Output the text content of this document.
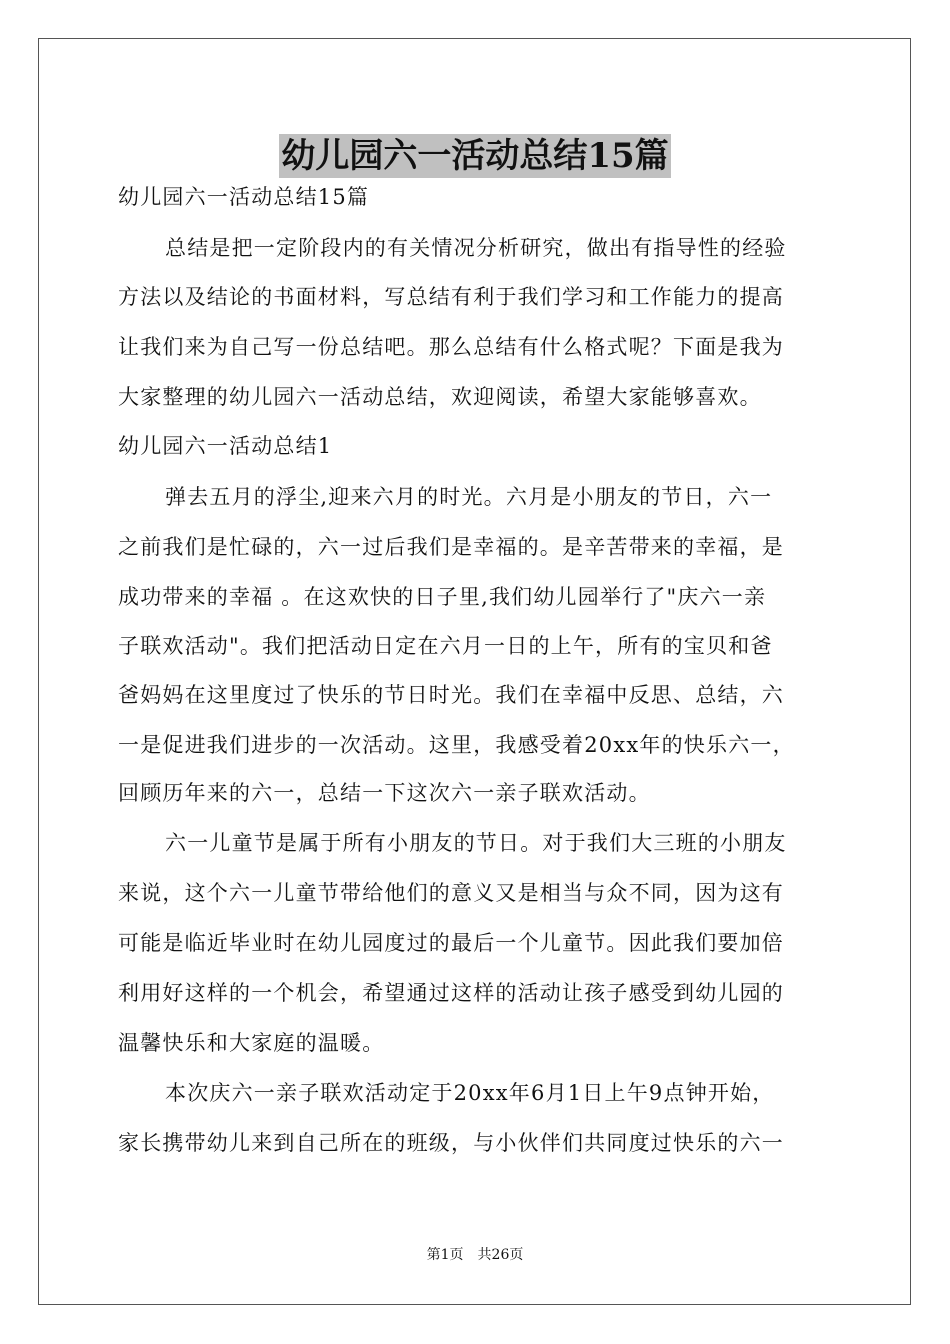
幼儿园六一活动总结15篇
幼儿园六一活动总结15篇
总结是把一定阶段内的有关情况分析研究，做出有指导性的经验
方法以及结论的书面材料，写总结有利于我们学习和工作能力的提高
让我们来为自己写一份总结吧。那么总结有什么格式呢？下面是我为
大家整理的幼儿园六一活动总结，欢迎阅读，希望大家能够喜欢。
幼儿园六一活动总结1
弹去五月的浮尘,迎来六月的时光。六月是小朋友的节日，六一
之前我们是忙碌的，六一过后我们是幸福的。是辛苦带来的幸福，是
成功带来的幸福 。在这欢快的日子里,我们幼儿园举行了"庆六一亲
子联欢活动"。我们把活动日定在六月一日的上午，所有的宝贝和爸
爸妈妈在这里度过了快乐的节日时光。我们在幸福中反思、总结，六
一是促进我们进步的一次活动。这里，我感受着20xx年的快乐六一，
回顾历年来的六一，总结一下这次六一亲子联欢活动。
六一儿童节是属于所有小朋友的节日。对于我们大三班的小朋友
来说，这个六一儿童节带给他们的意义又是相当与众不同，因为这有
可能是临近毕业时在幼儿园度过的最后一个儿童节。因此我们要加倍
利用好这样的一个机会，希望通过这样的活动让孩子感受到幼儿园的
温馨快乐和大家庭的温暖。
本次庆六一亲子联欢活动定于20xx年6月1日上午9点钟开始，
家长携带幼儿来到自己所在的班级，与小伙伴们共同度过快乐的六一
第1页　共26页
